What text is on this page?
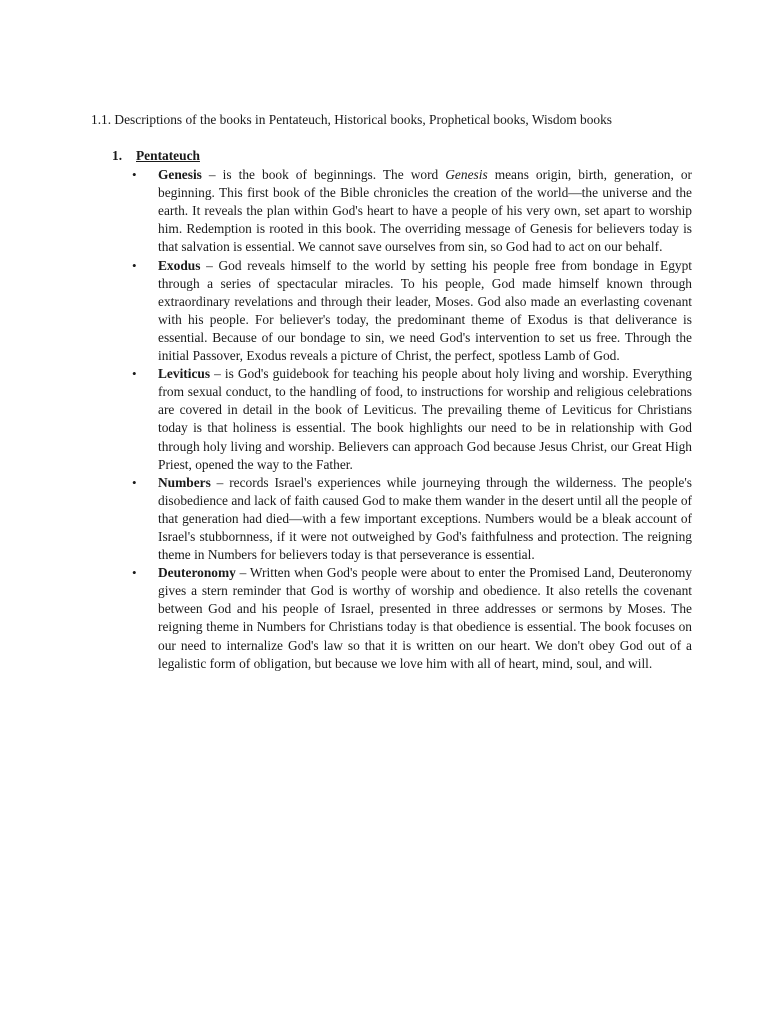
1.1. Descriptions of the books in Pentateuch, Historical books, Prophetical books, Wisdom books
1.	Pentateuch
• Genesis – is the book of beginnings. The word Genesis means origin, birth, generation, or beginning. This first book of the Bible chronicles the creation of the world—the universe and the earth. It reveals the plan within God's heart to have a people of his very own, set apart to worship him. Redemption is rooted in this book. The overriding message of Genesis for believers today is that salvation is essential. We cannot save ourselves from sin, so God had to act on our behalf.
• Exodus – God reveals himself to the world by setting his people free from bondage in Egypt through a series of spectacular miracles. To his people, God made himself known through extraordinary revelations and through their leader, Moses. God also made an everlasting covenant with his people. For believer's today, the predominant theme of Exodus is that deliverance is essential. Because of our bondage to sin, we need God's intervention to set us free. Through the initial Passover, Exodus reveals a picture of Christ, the perfect, spotless Lamb of God.
• Leviticus – is God's guidebook for teaching his people about holy living and worship. Everything from sexual conduct, to the handling of food, to instructions for worship and religious celebrations are covered in detail in the book of Leviticus. The prevailing theme of Leviticus for Christians today is that holiness is essential. The book highlights our need to be in relationship with God through holy living and worship. Believers can approach God because Jesus Christ, our Great High Priest, opened the way to the Father.
• Numbers – records Israel's experiences while journeying through the wilderness. The people's disobedience and lack of faith caused God to make them wander in the desert until all the people of that generation had died—with a few important exceptions. Numbers would be a bleak account of Israel's stubbornness, if it were not outweighed by God's faithfulness and protection. The reigning theme in Numbers for believers today is that perseverance is essential.
• Deuteronomy – Written when God's people were about to enter the Promised Land, Deuteronomy gives a stern reminder that God is worthy of worship and obedience. It also retells the covenant between God and his people of Israel, presented in three addresses or sermons by Moses. The reigning theme in Numbers for Christians today is that obedience is essential. The book focuses on our need to internalize God's law so that it is written on our heart. We don't obey God out of a legalistic form of obligation, but because we love him with all of heart, mind, soul, and will.
